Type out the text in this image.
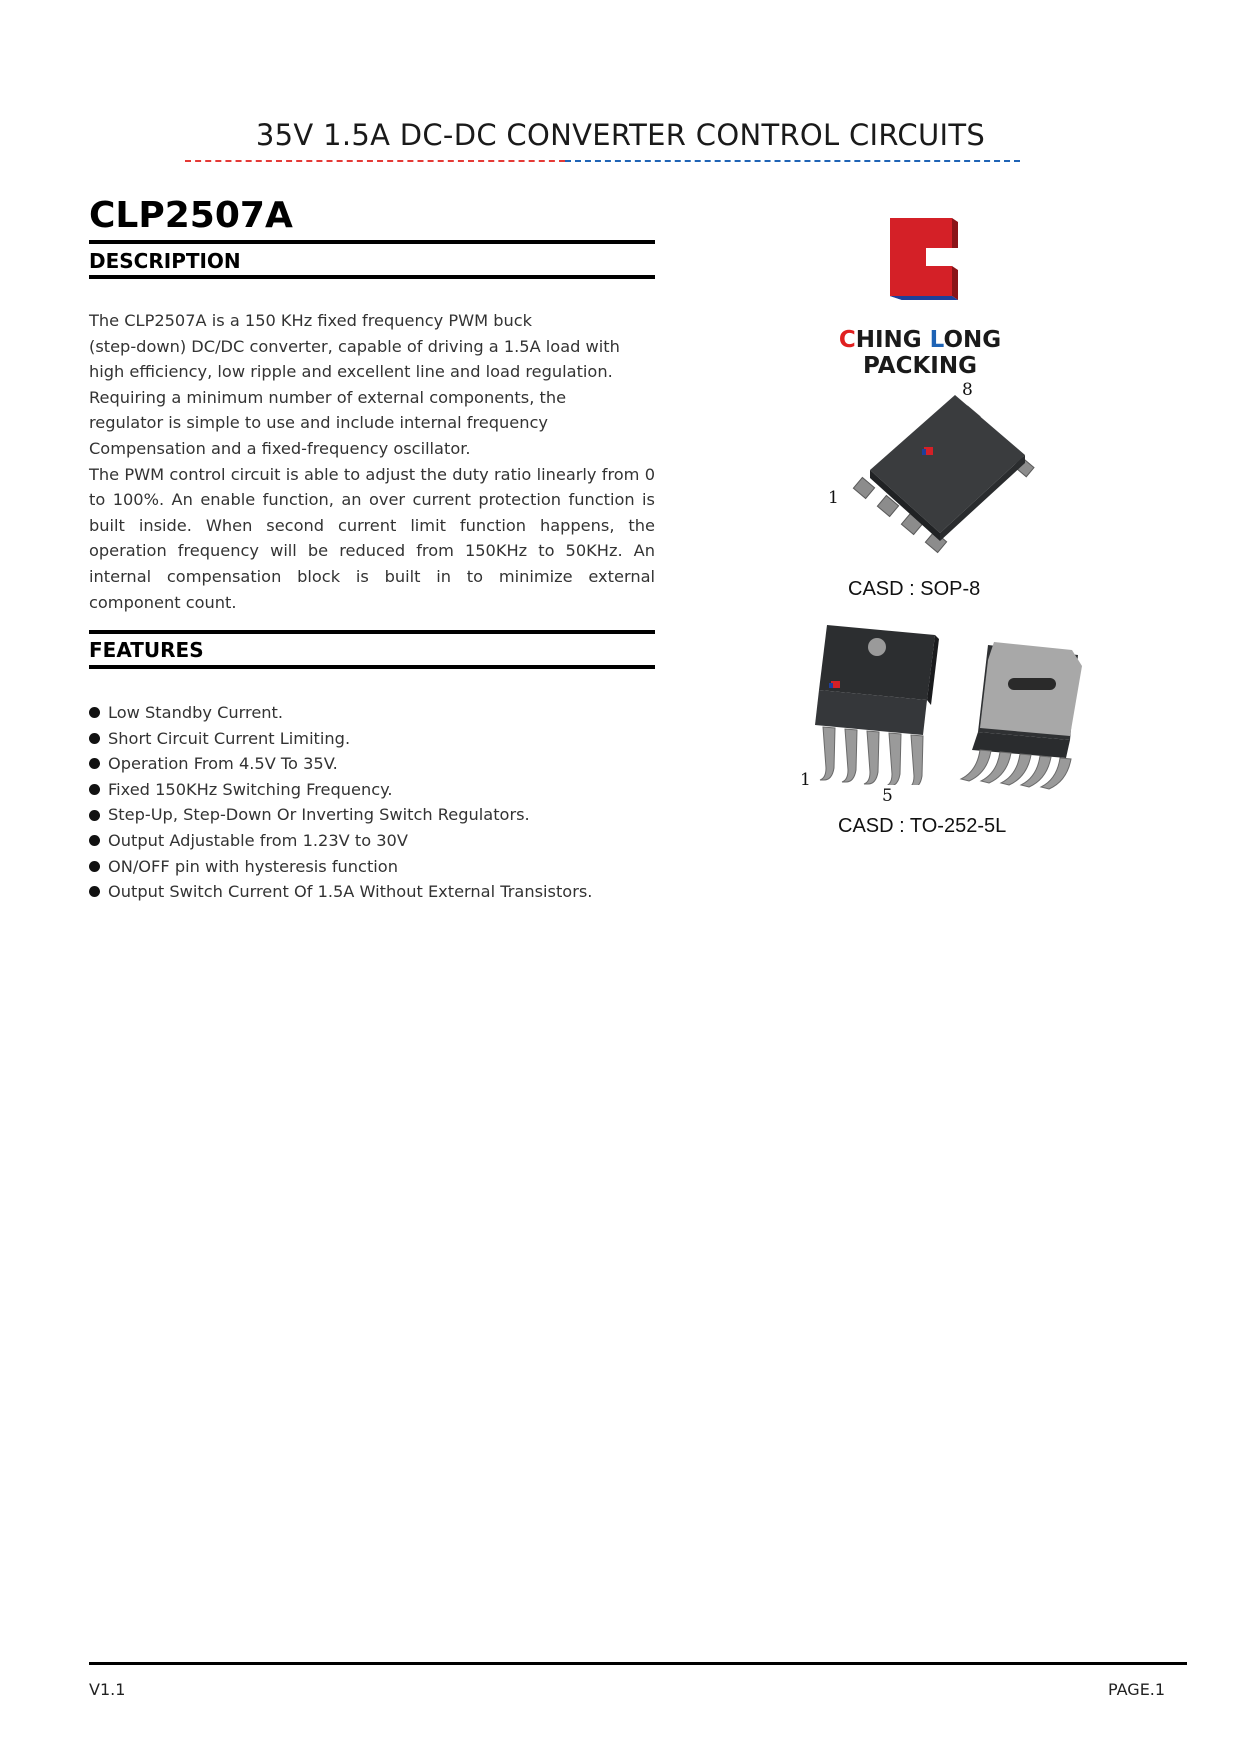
35V 1.5A DC-DC CONVERTER CONTROL CIRCUITS
CLP2507A
DESCRIPTION
The CLP2507A is a 150 KHz fixed frequency PWM buck
(step-down) DC/DC converter, capable of driving a 1.5A load with
high efficiency, low ripple and excellent line and load regulation.
Requiring a minimum number of external components, the
regulator is simple to use and include internal frequency
Compensation and a fixed-frequency oscillator.

The PWM control circuit is able to adjust the duty ratio linearly from 0 to 100%. An enable function, an over current protection function is built inside. When second current limit function happens, the operation frequency will be reduced from 150KHz to 50KHz. An internal compensation block is built in to minimize external component count.

FEATURES
Low Standby Current.
Short Circuit Current Limiting.
Operation From 4.5V To 35V.
Fixed 150KHz Switching Frequency.
Step-Up, Step-Down Or Inverting Switch Regulators.
Output Adjustable from 1.23V to 30V
ON/OFF pin with hysteresis function
Output Switch Current Of 1.5A Without External Transistors.
CHING LONG PACKING
8
1
CASD : SOP-8
1
5
CASD : TO-252-5L
V1.1	PAGE.1
